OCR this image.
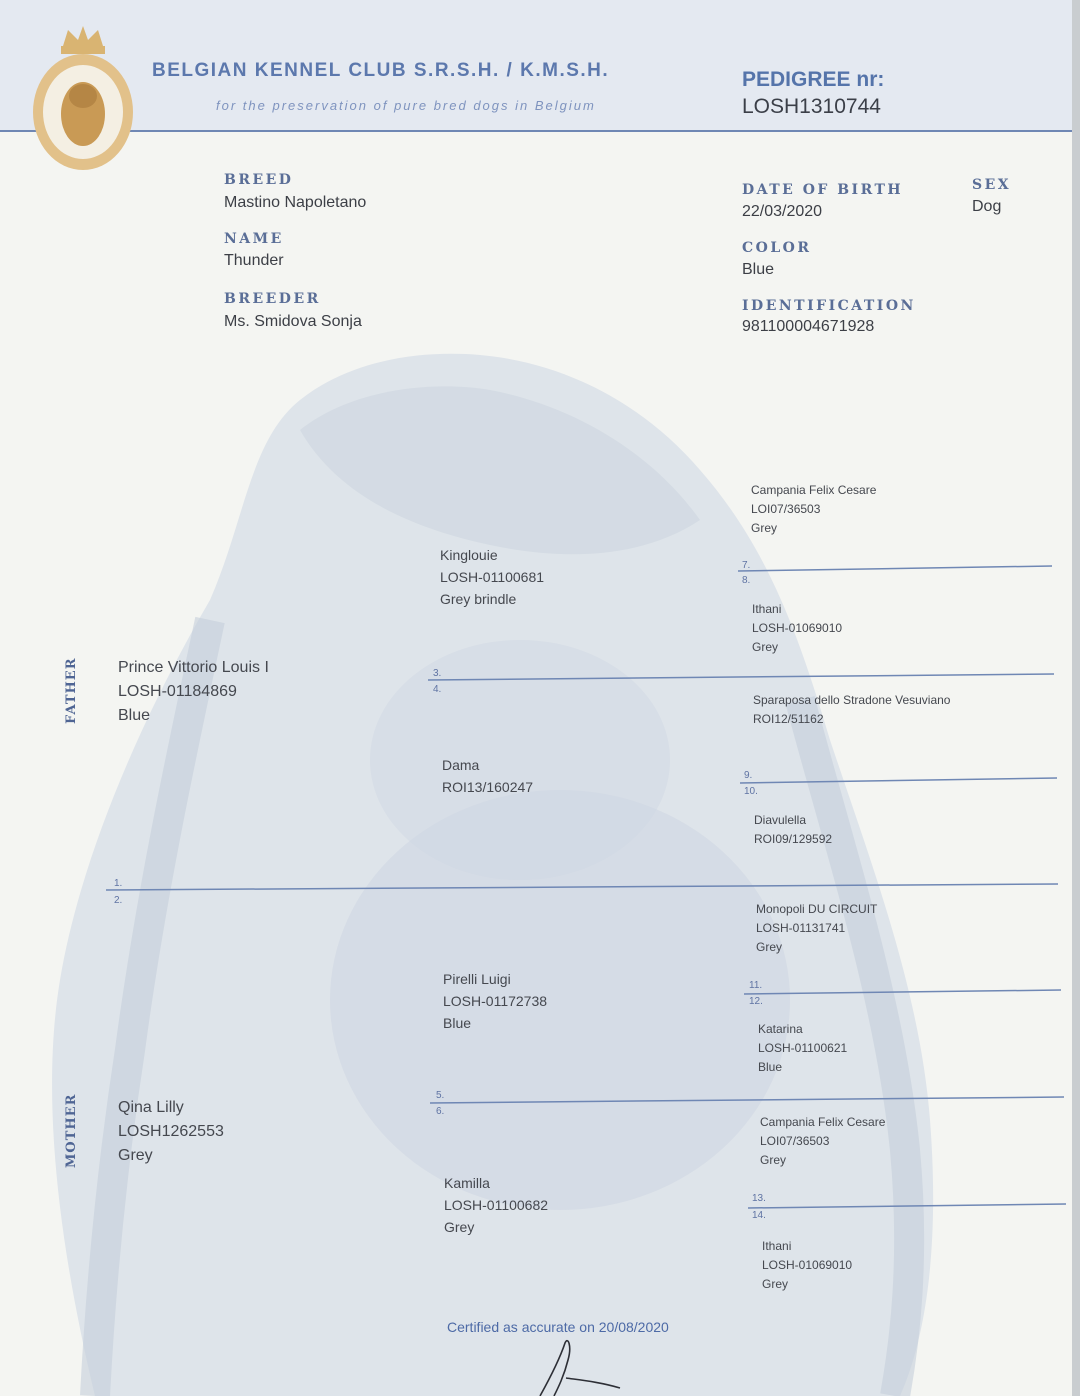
BELGIAN KENNEL CLUB S.R.S.H. / K.M.S.H.
for the preservation of pure bred dogs in Belgium
PEDIGREE nr:
LOSH1310744
BREED
Mastino Napoletano
NAME
Thunder
BREEDER
Ms. Smidova Sonja
DATE OF BIRTH
22/03/2020
SEX
Dog
COLOR
Blue
IDENTIFICATION
981100004671928
1.
2.
3.
4.
5.
6.
7.
8.
9.
10.
11.
12.
13.
14.
FATHER
MOTHER
Prince Vittorio Louis I
LOSH-01184869
Blue
Qina Lilly
LOSH1262553
Grey
Kinglouie
LOSH-01100681
Grey brindle
Dama
ROI13/160247
Pirelli Luigi
LOSH-01172738
Blue
Kamilla
LOSH-01100682
Grey
Campania Felix Cesare
LOI07/36503
Grey
Ithani
LOSH-01069010
Grey
Sparaposa dello Stradone Vesuviano
ROI12/51162
Diavulella
ROI09/129592
Monopoli DU CIRCUIT
LOSH-01131741
Grey
Katarina
LOSH-01100621
Blue
Campania Felix Cesare
LOI07/36503
Grey
Ithani
LOSH-01069010
Grey
Certified as accurate on 20/08/2020
